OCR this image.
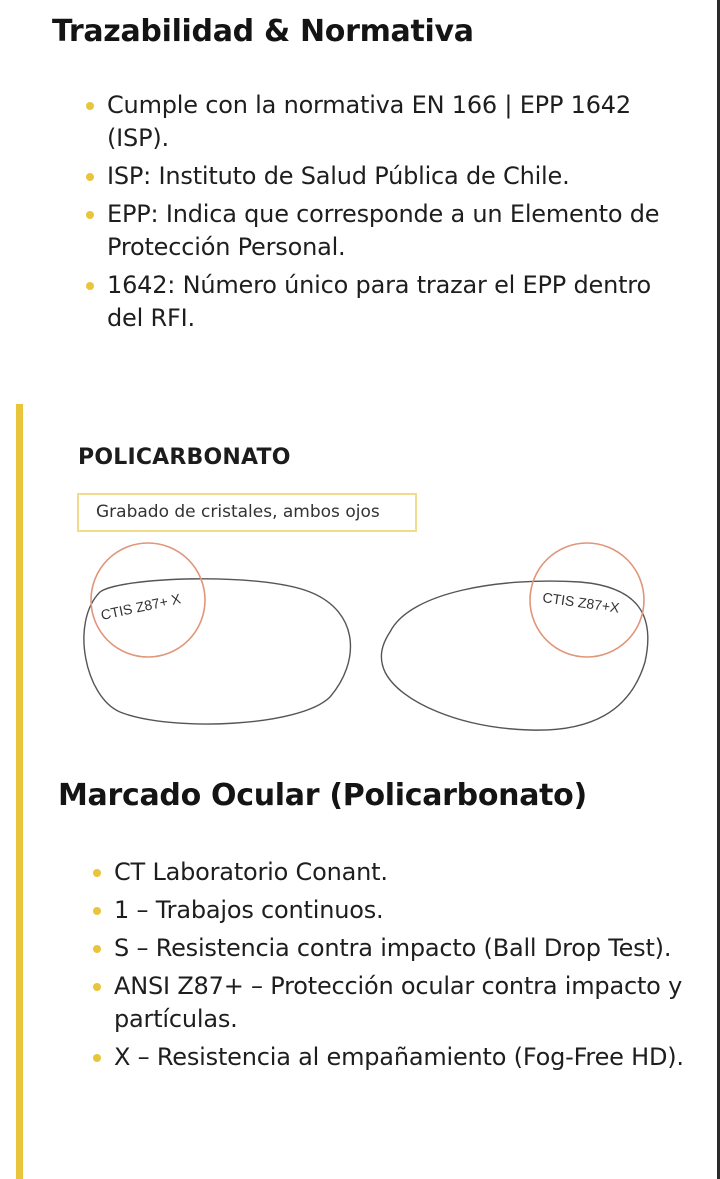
Trazabilidad & Normativa
Cumple con la normativa EN 166 | EPP 1642 (ISP).
ISP: Instituto de Salud Pública de Chile.
EPP: Indica que corresponde a un Elemento de Protección Personal.
1642: Número único para trazar el EPP dentro del RFI.
POLICARBONATO
Grabado de cristales, ambos ojos
CTIS Z87+ X	CTIS Z87+X
Marcado Ocular (Policarbonato)
CT Laboratorio Conant.
1 – Trabajos continuos.
S – Resistencia contra impacto (Ball Drop Test).
ANSI Z87+ – Protección ocular contra impacto y partículas.
X – Resistencia al empañamiento (Fog-Free HD).
